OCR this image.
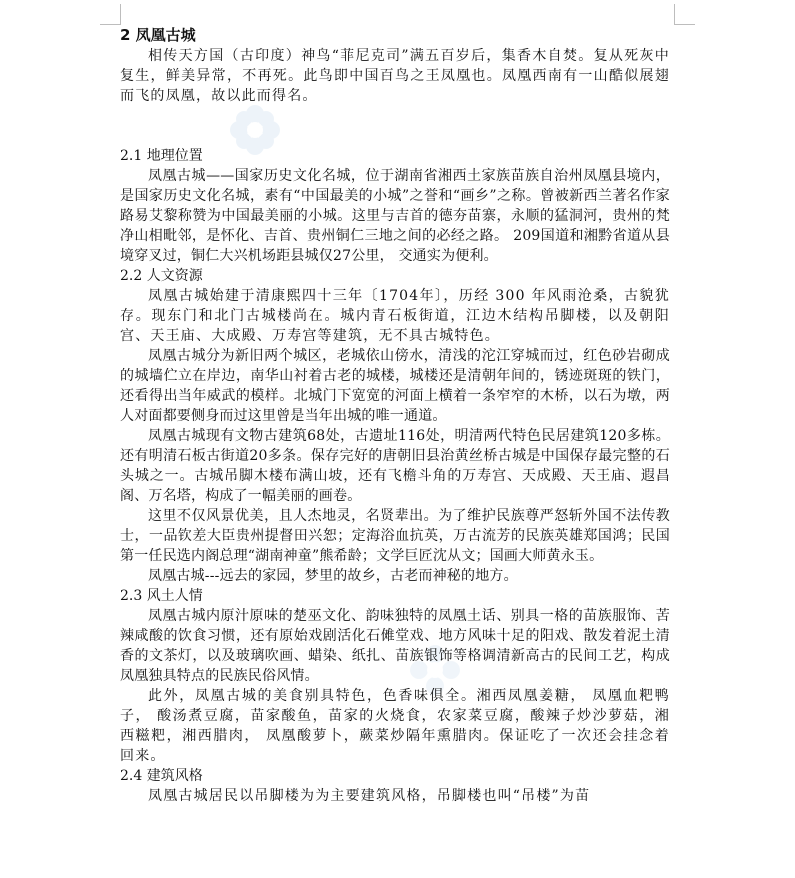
2 凤凰古城

相传天方国（古印度）神鸟“菲尼克司”满五百岁后，集香木自焚。复从死灰中复生，鲜美异常，不再死。此鸟即中国百鸟之王凤凰也。凤凰西南有一山酷似展翅而飞的凤凰，故以此而得名。

2.1 地理位置

凤凰古城——国家历史文化名城，位于湖南省湘西土家族苗族自治州凤凰县境内，是国家历史文化名城，素有“中国最美的小城”之誉和“画乡”之称。曾被新西兰著名作家路易艾黎称赞为中国最美丽的小城。这里与吉首的德夯苗寨，永顺的猛洞河，贵州的梵净山相毗邻，是怀化、吉首、贵州铜仁三地之间的必经之路。 209国道和湘黔省道从县境穿叉过，铜仁大兴机场距县城仅27公里， 交通实为便利。

2.2 人文资源

凤凰古城始建于清康熙四十三年〔1704年〕，历经 300 年风雨沧桑，古貌犹存。现东门和北门古城楼尚在。城内青石板街道，江边木结构吊脚楼，以及朝阳宫、天王庙、大成殿、万寿宫等建筑，无不具古城特色。

凤凰古城分为新旧两个城区，老城依山傍水，清浅的沱江穿城而过，红色砂岩砌成的城墙伫立在岸边，南华山衬着古老的城楼，城楼还是清朝年间的，锈迹斑斑的铁门，还看得出当年威武的模样。北城门下宽宽的河面上横着一条窄窄的木桥，以石为墩，两人对面都要侧身而过这里曾是当年出城的唯一通道。

凤凰古城现有文物古建筑68处，古遗址116处，明清两代特色民居建筑120多栋。还有明清石板古街道20多条。保存完好的唐朝旧县治黄丝桥古城是中国保存最完整的石头城之一。古城吊脚木楼布满山坡，还有飞檐斗角的万寿宫、天成殿、天王庙、遐昌阁、万名塔，构成了一幅美丽的画卷。

这里不仅风景优美，且人杰地灵，名贤辈出。为了维护民族尊严怒斩外国不法传教士，一品钦差大臣贵州提督田兴恕；定海浴血抗英，万古流芳的民族英雄郑国鸿；民国第一任民选内阁总理“湖南神童”熊希龄；文学巨匠沈从文；国画大师黄永玉。

凤凰古城---远去的家园，梦里的故乡，古老而神秘的地方。

2.3 风土人情

凤凰古城内原汁原味的楚巫文化、韵味独特的凤凰土话、别具一格的苗族服饰、苦辣咸酸的饮食习惯，还有原始戏剧活化石傩堂戏、地方风味十足的阳戏、散发着泥土清香的文茶灯，以及玻璃吹画、蜡染、纸扎、苗族银饰等格调清新高古的民间工艺，构成凤凰独具特点的民族民俗风情。

此外，凤凰古城的美食别具特色，色香味俱全。湘西凤凰姜糖， 凤凰血粑鸭子， 酸汤煮豆腐，苗家酸鱼，苗家的火烧食，农家菜豆腐，酸辣子炒沙萝菇，湘西糍粑，湘西腊肉， 凤凰酸萝卜，蕨菜炒隔年熏腊肉。保证吃了一次还会挂念着回来。

2.4 建筑风格

凤凰古城居民以吊脚楼为为主要建筑风格，吊脚楼也叫“吊楼”为苗
